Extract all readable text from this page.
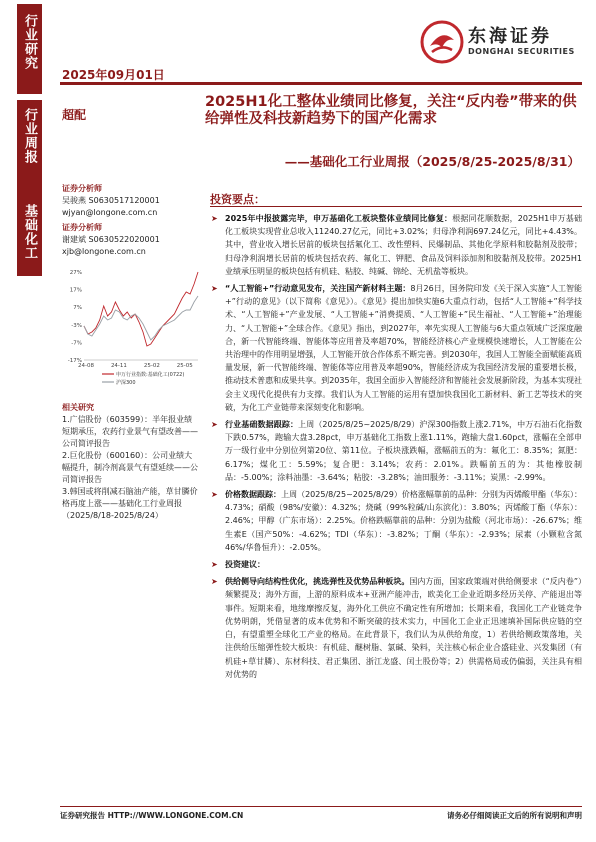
行业研究
行业周报
基础化工
2025年09月01日
东海证券
DONGHAI SECURITIES
超配
2025H1化工整体业绩同比修复，关注“反内卷”带来的供给弹性及科技新趋势下的国产化需求
——基础化工行业周报（2025/8/25-2025/8/31）
证券分析师
吴骏燕 S0630517120001
wjyan@longone.com.cn
证券分析师
谢建斌 S0630522020001
xjb@longone.com.cn
27%
17%
7%
-3%
-7%
-17%
24-08	24-11	25-02	25-05
申万行业指数:基础化工(0722)
沪深300
相关研究
1.广信股份（603599）：半年报业绩短期承压，农药行业景气有望改善——公司简评报告
2.巨化股份（600160）：公司业绩大幅提升，制冷剂高景气有望延续——公司简评报告
3.韩国或将削减石脑油产能，草甘膦价格再度上涨——基础化工行业周报（2025/8/18-2025/8/24）
投资要点：
➤ 2025年中报披露完毕，申万基础化工板块整体业绩同比修复：根据同花顺数据，2025H1申万基础化工板块实现营业总收入11240.27亿元，同比+3.02%；归母净利润697.24亿元，同比+4.43%。其中，营业收入增长居前的板块包括氟化工、改性塑料、民爆制品、其他化学原料和胶黏剂及胶带；归母净利润增长居前的板块包括农药、氟化工、钾肥、食品及饲料添加剂和胶黏剂及胶带。2025H1业绩承压明显的板块包括有机硅、粘胶、纯碱、锦纶、无机盐等板块。
➤ “人工智能+”行动意见发布，关注国产新材料主题：8月26日，国务院印发《关于深入实施“人工智能+”行动的意见》（以下简称《意见》）。《意见》提出加快实施6大重点行动，包括“人工智能+”科学技术、“人工智能+”产业发展、“人工智能+”消费提质、“人工智能+”民生福祉、“人工智能+”治理能力、“人工智能+”全球合作。《意见》指出，到2027年，率先实现人工智能与6大重点领域广泛深度融合，新一代智能终端、智能体等应用普及率超70%，智能经济核心产业规模快速增长，人工智能在公共治理中的作用明显增强，人工智能开放合作体系不断完善。到2030年，我国人工智能全面赋能高质量发展，新一代智能终端、智能体等应用普及率超90%，智能经济成为我国经济发展的重要增长极，推动技术普惠和成果共享。到2035年，我国全面步入智能经济和智能社会发展新阶段，为基本实现社会主义现代化提供有力支撑。我们认为人工智能的运用有望加快我国化工新材料、新工艺等技术的突破，为化工产业链带来深刻变化和影响。
➤ 行业基础数据跟踪：上周（2025/8/25~2025/8/29）沪深300指数上涨2.71%，中万石油石化指数下跌0.57%，跑输大盘3.28pct，申万基础化工指数上涨1.11%，跑输大盘1.60pct，涨幅在全部申万一级行业中分别位列第20位、第11位。子板块涨跌幅，涨幅前五的为：氟化工：8.35%；氮肥：6.17%；煤化工：5.59%；复合肥：3.14%；农药：2.01%。跌幅前五的为：其他橡胶制品：-5.00%；涂料油墨：-3.64%；粘胶：-3.28%；油田服务：-3.11%；炭黑：-2.99%。
➤ 价格数据跟踪：上周（2025/8/25~2025/8/29）价格涨幅靠前的品种：分别为丙烯酸甲酯（华东）：4.73%；硝酸（98%/安徽）：4.32%；烧碱（99%粒碱/山东滨化）：3.80%；丙烯酸丁酯（华东）：2.46%；甲醇（广东市场）：2.25%。价格跌幅靠前的品种：分别为盐酸（河北市场）：-26.67%；维生素E（国产50%：-4.62%；TDI（华东）：-3.82%；丁酮（华东）：-2.93%；尿素（小颗粒含氮46%/华鲁恒升）：-2.05%。
➤ 投资建议：
➤ 供给侧导向结构性优化，挑选弹性及优势品种板块。国内方面，国家政策端对供给侧要求（“反内卷”）频繁提及；海外方面，上游的原料成本+亚洲产能冲击，欧美化工企业近期多经历关停、产能退出等事件。短期来看，地缘摩擦反复，海外化工供应不确定性有所增加；长期来看，我国化工产业链竞争优势明朗，凭借显著的成本优势和不断突破的技术实力，中国化工企业正迅速填补国际供应链的空白，有望重塑全球化工产业的格局。在此背景下，我们认为从供给角度，1）若供给侧政策落地，关注供给压缩弹性较大板块：有机硅、醚树脂、氯碱、染料，关注核心标企业合盛硅业、兴发集团（有机硅+草甘膦）、东材科技、君正集团、浙江龙盛、闰土股份等；2）供需格局或仍偏弱，关注具有相对优势的
证券研究报告 HTTP://WWW.LONGONE.COM.CN	请务必仔细阅读正文后的所有说明和声明
